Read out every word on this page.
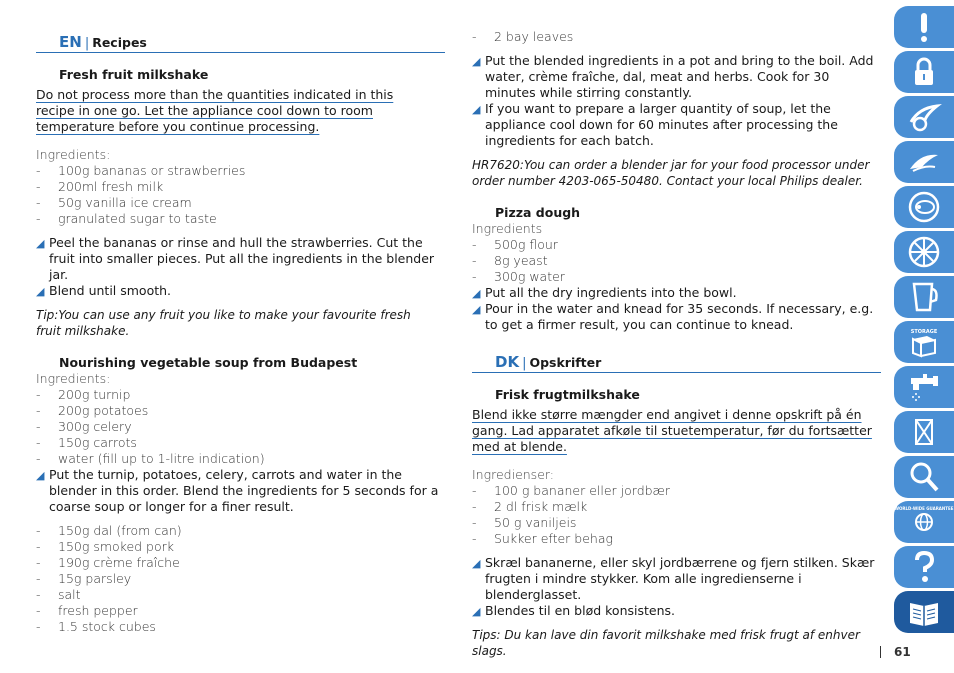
EN | Recipes
Fresh fruit milkshake
Do not process more than the quantities indicated in this recipe in one go. Let the appliance cool down to room temperature before you continue processing.
Ingredients:
- 100g bananas or strawberries
- 200ml fresh milk
- 50g vanilla ice cream
- granulated sugar to taste
◢ Peel the bananas or rinse and hull the strawberries. Cut the fruit into smaller pieces. Put all the ingredients in the blender jar.
◢ Blend until smooth.
Tip:You can use any fruit you like to make your favourite fresh fruit milkshake.
Nourishing vegetable soup from Budapest
Ingredients:
- 200g turnip
- 200g potatoes
- 300g celery
- 150g carrots
- water (fill up to 1-litre indication)
◢ Put the turnip, potatoes, celery, carrots and water in the blender in this order. Blend the ingredients for 5 seconds for a coarse soup or longer for a finer result.
- 150g dal (from can)
- 150g smoked pork
- 190g crème fraîche
- 15g parsley
- salt
- fresh pepper
- 1.5 stock cubes
- 2 bay leaves
◢ Put the blended ingredients in a pot and bring to the boil. Add water, crème fraîche, dal, meat and herbs. Cook for 30 minutes while stirring constantly.
◢ If you want to prepare a larger quantity of soup, let the appliance cool down for 60 minutes after processing the ingredients for each batch.
HR7620:You can order a blender jar for your food processor under order number 4203-065-50480. Contact your local Philips dealer.
Pizza dough
Ingredients
- 500g flour
- 8g yeast
- 300g water
◢ Put all the dry ingredients into the bowl.
◢ Pour in the water and knead for 35 seconds. If necessary, e.g. to get a firmer result, you can continue to knead.
DK | Opskrifter
Frisk frugtmilkshake
Blend ikke større mængder end angivet i denne opskrift på én gang. Lad apparatet afkøle til stuetemperatur, før du fortsætter med at blende.
Ingredienser:
- 100 g bananer eller jordbær
- 2 dl frisk mælk
- 50 g vaniljeis
- Sukker efter behag
◢ Skræl bananerne, eller skyl jordbærrene og fjern stilken. Skær frugten i mindre stykker. Kom alle ingredienserne i blenderglasset.
◢ Blendes til en blød konsistens.
Tips: Du kan lave din favorit milkshake med frisk frugt af enhver slags.
STORAGE
WORLD-WIDE GUARANTEE
61
